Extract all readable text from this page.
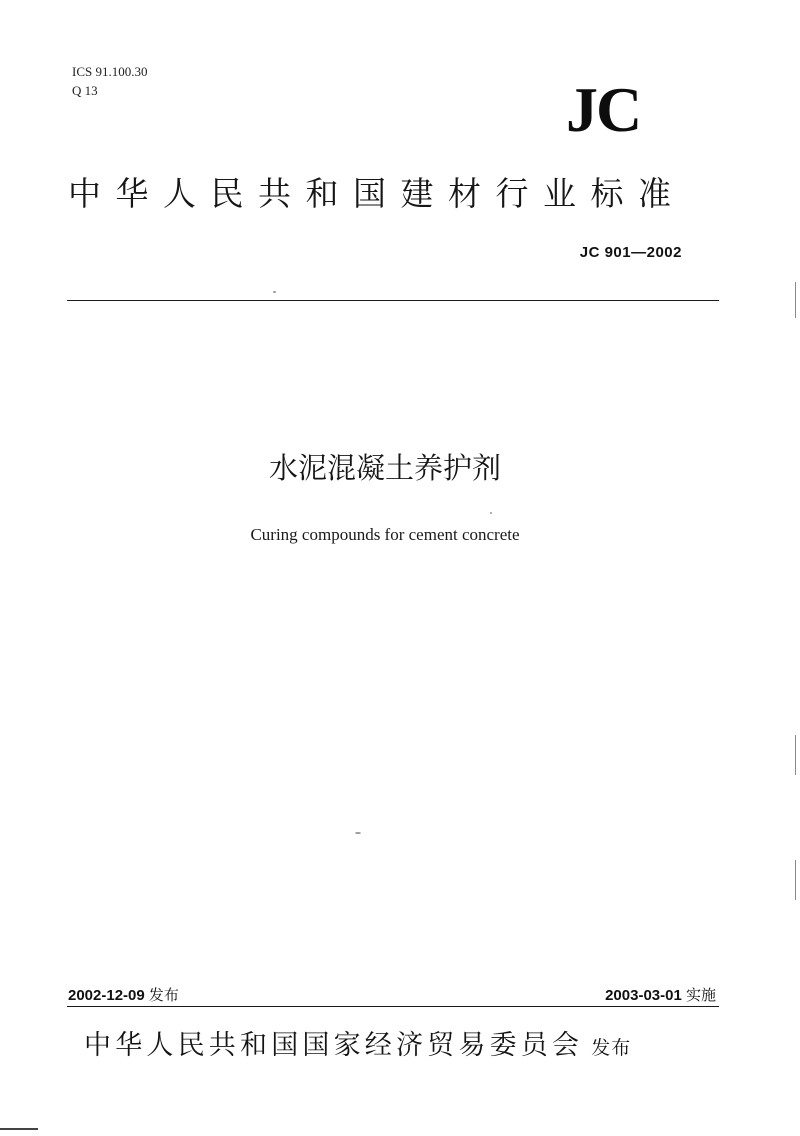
ICS 91.100.30
Q 13	JC
中华人民共和国建材行业标准
JC 901—2002
水泥混凝土养护剂
Curing compounds for cement concrete
2002-12-09 发布	2003-03-01 实施
中华人民共和国国家经济贸易委员会 发布
